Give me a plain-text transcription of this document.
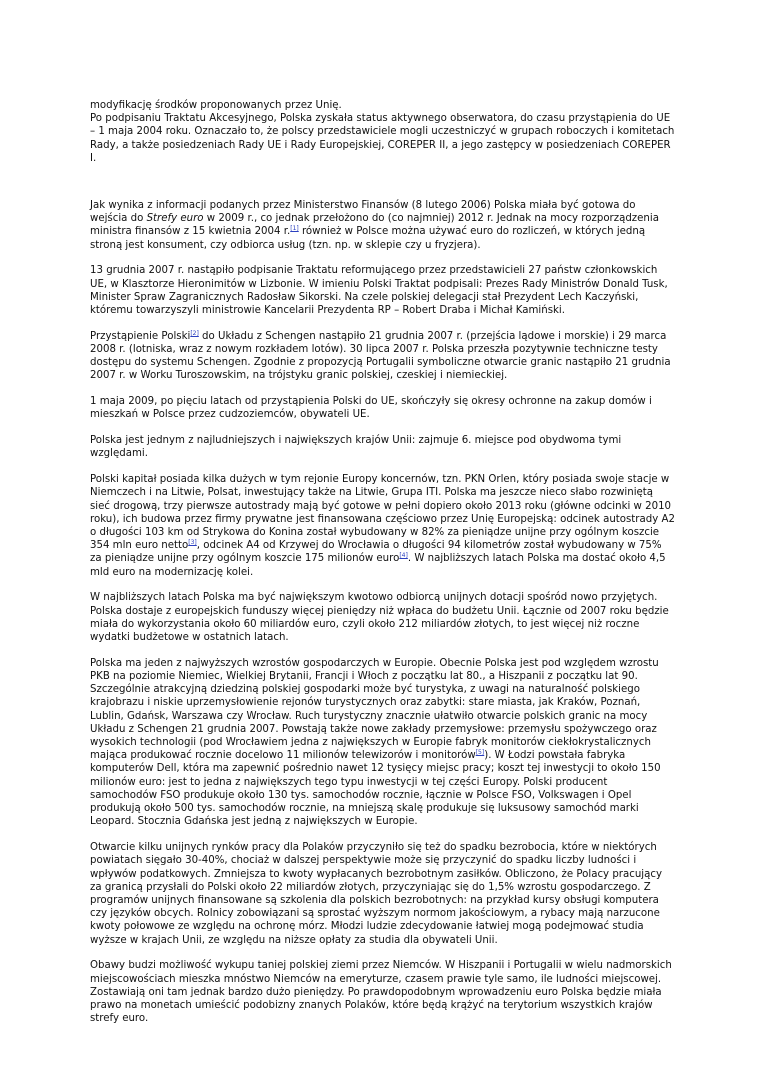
modyfikację środków proponowanych przez Unię.

Po podpisaniu Traktatu Akcesyjnego, Polska zyskała status aktywnego obserwatora, do czasu przystąpienia do UE – 1 maja 2004 roku. Oznaczało to, że polscy przedstawiciele mogli uczestniczyć w grupach roboczych i komitetach Rady, a także posiedzeniach Rady UE i Rady Europejskiej, COREPER II, a jego zastępcy w posiedzeniach COREPER I.

Jak wynika z informacji podanych przez Ministerstwo Finansów (8 lutego 2006) Polska miała być gotowa do wejścia do Strefy euro w 2009 r., co jednak przełożono do (co najmniej) 2012 r. Jednak na mocy rozporządzenia ministra finansów z 15 kwietnia 2004 r.[1] również w Polsce można używać euro do rozliczeń, w których jedną stroną jest konsument, czy odbiorca usług (tzn. np. w sklepie czy u fryzjera).

13 grudnia 2007 r. nastąpiło podpisanie Traktatu reformującego przez przedstawicieli 27 państw członkowskich UE, w Klasztorze Hieronimitów w Lizbonie. W imieniu Polski Traktat podpisali: Prezes Rady Ministrów Donald Tusk, Minister Spraw Zagranicznych Radosław Sikorski. Na czele polskiej delegacji stał Prezydent Lech Kaczyński, któremu towarzyszyli ministrowie Kancelarii Prezydenta RP – Robert Draba i Michał Kamiński.

Przystąpienie Polski[2] do Układu z Schengen nastąpiło 21 grudnia 2007 r. (przejścia lądowe i morskie) i 29 marca 2008 r. (lotniska, wraz z nowym rozkładem lotów). 30 lipca 2007 r. Polska przeszła pozytywnie techniczne testy dostępu do systemu Schengen. Zgodnie z propozycją Portugalii symboliczne otwarcie granic nastąpiło 21 grudnia 2007 r. w Worku Turoszowskim, na trójstyku granic polskiej, czeskiej i niemieckiej.

1 maja 2009, po pięciu latach od przystąpienia Polski do UE, skończyły się okresy ochronne na zakup domów i mieszkań w Polsce przez cudzoziemców, obywateli UE.

Polska jest jednym z najludniejszych i największych krajów Unii: zajmuje 6. miejsce pod obydwoma tymi względami.

Polski kapitał posiada kilka dużych w tym rejonie Europy koncernów, tzn. PKN Orlen, który posiada swoje stacje w Niemczech i na Litwie, Polsat, inwestujący także na Litwie, Grupa ITI. Polska ma jeszcze nieco słabo rozwiniętą sieć drogową, trzy pierwsze autostrady mają być gotowe w pełni dopiero około 2013 roku (główne odcinki w 2010 roku), ich budowa przez firmy prywatne jest finansowana częściowo przez Unię Europejską: odcinek autostrady A2 o długości 103 km od Strykowa do Konina został wybudowany w 82% za pieniądze unijne przy ogólnym koszcie 354 mln euro netto[3], odcinek A4 od Krzywej do Wrocławia o długości 94 kilometrów został wybudowany w 75% za pieniądze unijne przy ogólnym koszcie 175 milionów euro[4]. W najbliższych latach Polska ma dostać około 4,5 mld euro na modernizację kolei.

W najbliższych latach Polska ma być największym kwotowo odbiorcą unijnych dotacji spośród nowo przyjętych. Polska dostaje z europejskich funduszy więcej pieniędzy niż wpłaca do budżetu Unii. Łącznie od 2007 roku będzie miała do wykorzystania około 60 miliardów euro, czyli około 212 miliardów złotych, to jest więcej niż roczne wydatki budżetowe w ostatnich latach.

Polska ma jeden z najwyższych wzrostów gospodarczych w Europie. Obecnie Polska jest pod względem wzrostu PKB na poziomie Niemiec, Wielkiej Brytanii, Francji i Włoch z początku lat 80., a Hiszpanii z początku lat 90. Szczególnie atrakcyjną dziedziną polskiej gospodarki może być turystyka, z uwagi na naturalność polskiego krajobrazu i niskie uprzemysłowienie rejonów turystycznych oraz zabytki: stare miasta, jak Kraków, Poznań, Lublin, Gdańsk, Warszawa czy Wrocław. Ruch turystyczny znacznie ułatwiło otwarcie polskich granic na mocy Układu z Schengen 21 grudnia 2007. Powstają także nowe zakłady przemysłowe: przemysłu spożywczego oraz wysokich technologii (pod Wrocławiem jedna z największych w Europie fabryk monitorów ciekłokrystalicznych mająca produkować rocznie docelowo 11 milionów telewizorów i monitorów[5]). W Łodzi powstała fabryka komputerów Dell, która ma zapewnić pośrednio nawet 12 tysięcy miejsc pracy; koszt tej inwestycji to około 150 milionów euro: jest to jedna z największych tego typu inwestycji w tej części Europy. Polski producent samochodów FSO produkuje około 130 tys. samochodów rocznie, łącznie w Polsce FSO, Volkswagen i Opel produkują około 500 tys. samochodów rocznie, na mniejszą skalę produkuje się luksusowy samochód marki Leopard. Stocznia Gdańska jest jedną z największych w Europie.

Otwarcie kilku unijnych rynków pracy dla Polaków przyczyniło się też do spadku bezrobocia, które w niektórych powiatach sięgało 30-40%, chociaż w dalszej perspektywie może się przyczynić do spadku liczby ludności i wpływów podatkowych. Zmniejsza to kwoty wypłacanych bezrobotnym zasiłków. Obliczono, że Polacy pracujący za granicą przysłali do Polski około 22 miliardów złotych, przyczyniając się do 1,5% wzrostu gospodarczego. Z programów unijnych finansowane są szkolenia dla polskich bezrobotnych: na przykład kursy obsługi komputera czy języków obcych. Rolnicy zobowiązani są sprostać wyższym normom jakościowym, a rybacy mają narzucone kwoty połowowe ze względu na ochronę mórz. Młodzi ludzie zdecydowanie łatwiej mogą podejmować studia wyższe w krajach Unii, ze względu na niższe opłaty za studia dla obywateli Unii.

Obawy budzi możliwość wykupu taniej polskiej ziemi przez Niemców. W Hiszpanii i Portugalii w wielu nadmorskich miejscowościach mieszka mnóstwo Niemców na emeryturze, czasem prawie tyle samo, ile ludności miejscowej. Zostawiają oni tam jednak bardzo dużo pieniędzy. Po prawdopodobnym wprowadzeniu euro Polska będzie miała prawo na monetach umieścić podobizny znanych Polaków, które będą krążyć na terytorium wszystkich krajów strefy euro.
